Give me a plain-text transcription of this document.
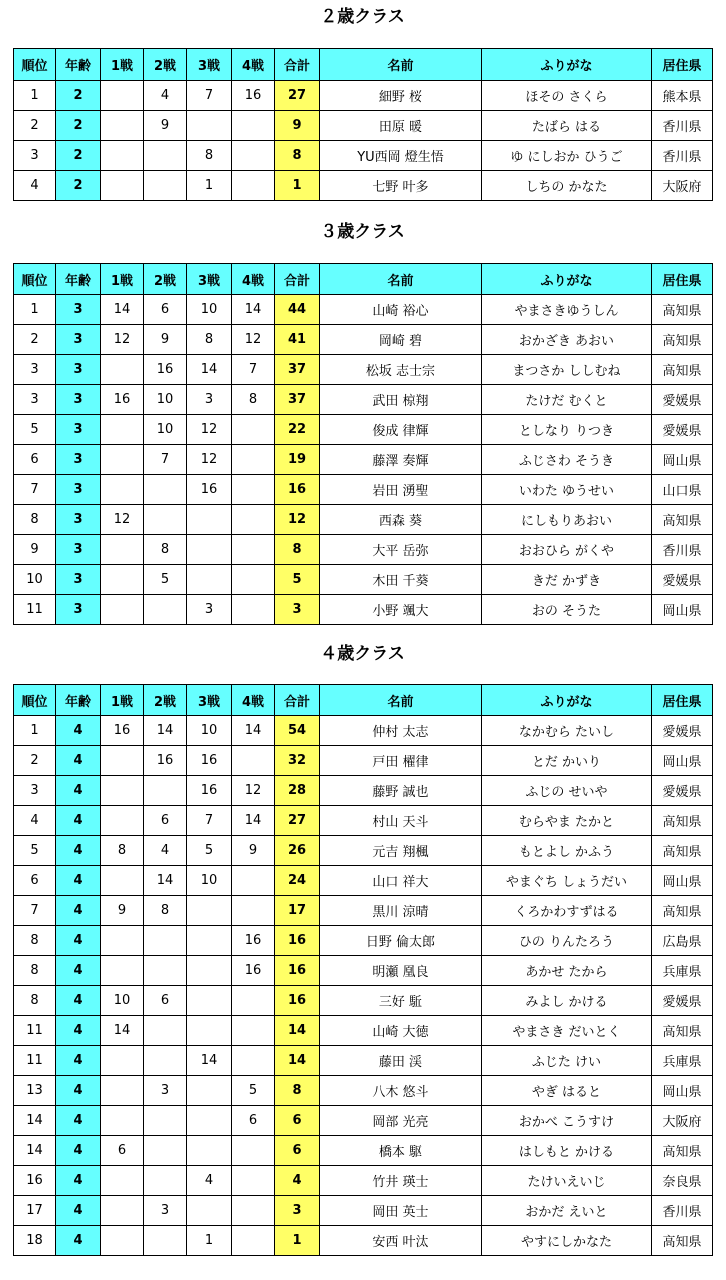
２歳クラス
順位	年齢	1戦	2戦	3戦	4戦	合計	名前	ふりがな	居住県
1	2		4	7	16	27	細野 桜	ほその さくら	熊本県
2	2		9			9	田原 暖	たばら はる	香川県
3	2			8		8	YU西岡 燈生悟	ゆ にしおか ひうご	香川県
4	2			1		1	七野 叶多	しちの かなた	大阪府
３歳クラス
順位	年齢	1戦	2戦	3戦	4戦	合計	名前	ふりがな	居住県
1	3	14	6	10	14	44	山崎 裕心	やまさきゆうしん	高知県
2	3	12	9	8	12	41	岡崎 碧	おかざき あおい	高知県
3	3		16	14	7	37	松坂 志士宗	まつさか ししむね	高知県
3	3	16	10	3	8	37	武田 椋翔	たけだ むくと	愛媛県
5	3		10	12		22	俊成 律輝	としなり りつき	愛媛県
6	3		7	12		19	藤澤 奏輝	ふじさわ そうき	岡山県
7	3			16		16	岩田 湧聖	いわた ゆうせい	山口県
8	3	12				12	西森 葵	にしもりあおい	高知県
9	3		8			8	大平 岳弥	おおひら がくや	香川県
10	3		5			5	木田 千葵	きだ かずき	愛媛県
11	3			3		3	小野 颯大	おの そうた	岡山県
４歳クラス
順位	年齢	1戦	2戦	3戦	4戦	合計	名前	ふりがな	居住県
1	4	16	14	10	14	54	仲村 太志	なかむら たいし	愛媛県
2	4		16	16		32	戸田 櫂律	とだ かいり	岡山県
3	4			16	12	28	藤野 誠也	ふじの せいや	愛媛県
4	4		6	7	14	27	村山 天斗	むらやま たかと	高知県
5	4	8	4	5	9	26	元吉 翔楓	もとよし かふう	高知県
6	4		14	10		24	山口 祥大	やまぐち しょうだい	岡山県
7	4	9	8			17	黒川 涼晴	くろかわすずはる	高知県
8	4				16	16	日野 倫太郎	ひの りんたろう	広島県
8	4				16	16	明瀬 凰良	あかせ たから	兵庫県
8	4	10	6			16	三好 駈	みよし かける	愛媛県
11	4	14				14	山崎 大徳	やまさき だいとく	高知県
11	4			14		14	藤田 渓	ふじた けい	兵庫県
13	4		3		5	8	八木 悠斗	やぎ はると	岡山県
14	4				6	6	岡部 光亮	おかべ こうすけ	大阪府
14	4	6				6	橋本 駆	はしもと かける	高知県
16	4			4		4	竹井 瑛士	たけいえいじ	奈良県
17	4		3			3	岡田 英士	おかだ えいと	香川県
18	4			1		1	安西 叶汰	やすにしかなた	高知県
